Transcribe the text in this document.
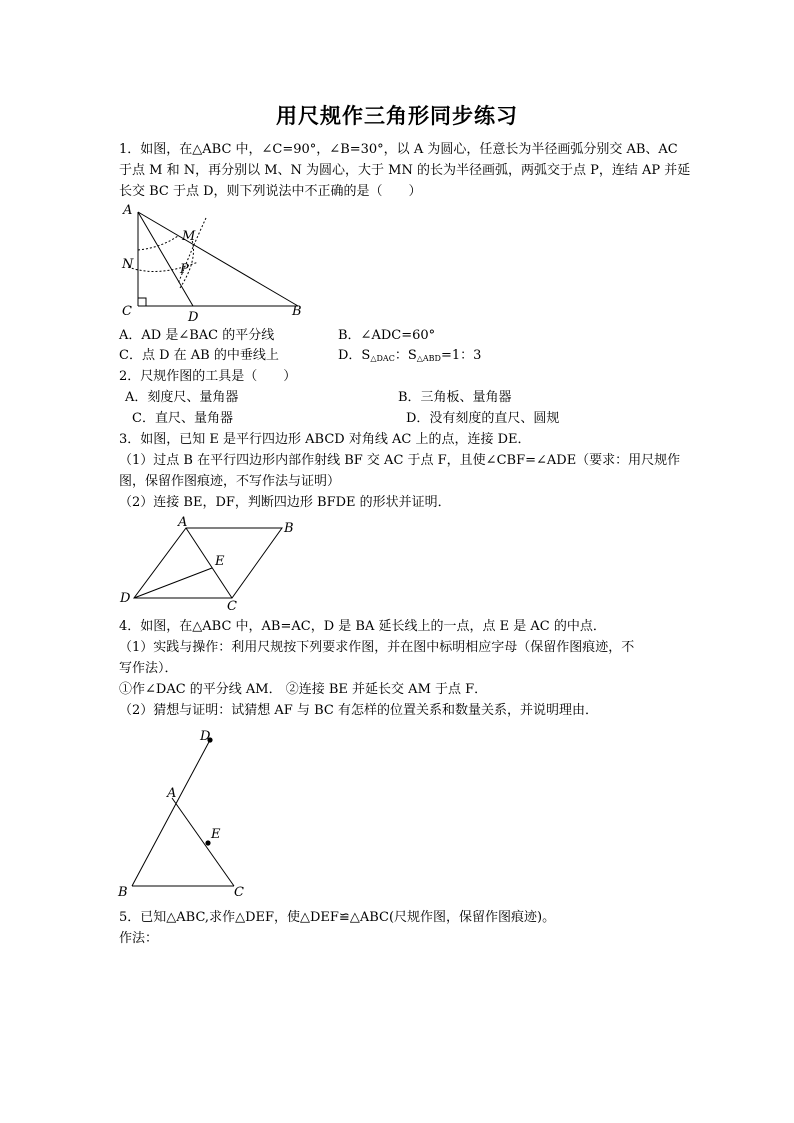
用尺规作三角形同步练习
1．如图，在△ABC 中，∠C=90°，∠B=30°，以 A 为圆心，任意长为半径画弧分别交 AB、AC
于点 M 和 N，再分别以 M、N 为圆心，大于 MN 的长为半径画弧，两弧交于点 P，连结 AP 并延
长交 BC 于点 D，则下列说法中不正确的是（　　）
A
M
N	P
C	D	B
A．AD 是∠BAC 的平分线	B．∠ADC=60°
C．点 D 在 AB 的中垂线上	D．$S_{\triangle DAC}$：$S_{\triangle ABD}=1$：3
2．尺规作图的工具是（　　）
A．刻度尺、量角器	B．三角板、量角器
C．直尺、量角器	D．没有刻度的直尺、圆规
3．如图，已知 E 是平行四边形 ABCD 对角线 AC 上的点，连接 DE．
（1）过点 B 在平行四边形内部作射线 BF 交 AC 于点 F，且使∠CBF=∠ADE（要求：用尺规作
图，保留作图痕迹，不写作法与证明）
（2）连接 BE，DF，判断四边形 BFDE 的形状并证明．
A	B
E
D
C
4．如图，在△ABC 中，AB=AC，D 是 BA 延长线上的一点，点 E 是 AC 的中点．
（1）实践与操作：利用尺规按下列要求作图，并在图中标明相应字母（保留作图痕迹，不
写作法）．
①作∠DAC 的平分线 AM． ②连接 BE 并延长交 AM 于点 F．
（2）猜想与证明：试猜想 AF 与 BC 有怎样的位置关系和数量关系，并说明理由．
D
A
E
B	C
5．已知△ABC,求作△DEF，使△DEF≌△ABC(尺规作图，保留作图痕迹)。
作法：
